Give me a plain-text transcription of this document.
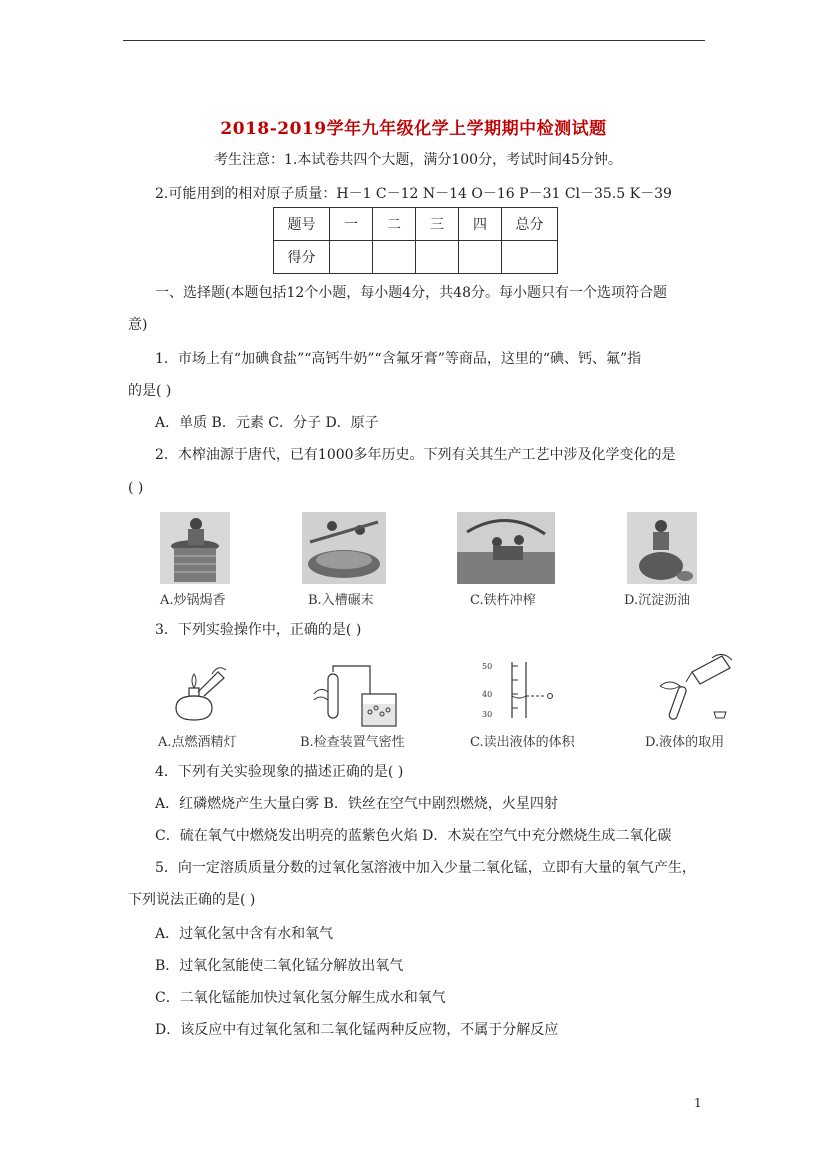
2018-2019学年九年级化学上学期期中检测试题
考生注意：1.本试卷共四个大题，满分100分，考试时间45分钟。
2.可能用到的相对原子质量：H－1 C－12 N－14 O－16 P－31 Cl－35.5 K－39
题号	一	二	三	四	总分
得分					
一、选择题(本题包括12个小题，每小题4分，共48分。每小题只有一个选项符合题
意)
1．市场上有“加碘食盐”“高钙牛奶”“含氟牙膏”等商品，这里的“碘、钙、氟”指
的是( )
A．单质 B．元素 C．分子 D．原子
2．木榨油源于唐代，已有1000多年历史。下列有关其生产工艺中涉及化学变化的是
( )
A.炒锅焗香	B.入槽碾末	C.铁杵冲榨	D.沉淀沥油
3．下列实验操作中，正确的是( )
50
40
30
A.点燃酒精灯	B.检查装置气密性	C.读出液体的体积	D.液体的取用
4．下列有关实验现象的描述正确的是( )
A．红磷燃烧产生大量白雾 B．铁丝在空气中剧烈燃烧，火星四射
C．硫在氧气中燃烧发出明亮的蓝紫色火焰 D．木炭在空气中充分燃烧生成二氧化碳
5．向一定溶质质量分数的过氧化氢溶液中加入少量二氧化锰，立即有大量的氧气产生，
下列说法正确的是( )
A．过氧化氢中含有水和氧气
B．过氧化氢能使二氧化锰分解放出氧气
C．二氧化锰能加快过氧化氢分解生成水和氧气
D．该反应中有过氧化氢和二氧化锰两种反应物，不属于分解反应
1
